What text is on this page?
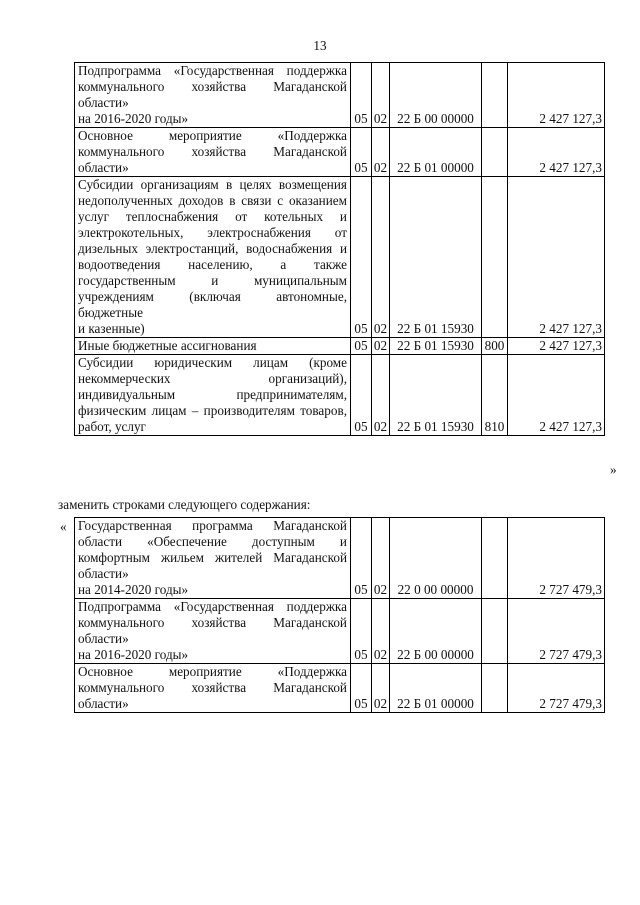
13
Подпрограмма «Государственная поддержка коммунального хозяйства Магаданской области»
на 2016-2020 годы»	05	02	22 Б 00 00000		2 427 127,3

Основное мероприятие «Поддержка коммунального хозяйства Магаданской области»	05	02	22 Б 01 00000		2 427 127,3

Субсидии организациям в целях возмещения недополученных доходов в связи с оказанием услуг теплоснабжения от котельных и электрокотельных, электроснабжения от дизельных электростанций, водоснабжения и водоотведения населению, а также государственным и муниципальным учреждениям (включая автономные, бюджетные
и казенные)	05	02	22 Б 01 15930		2 427 127,3

Иные бюджетные ассигнования	05	02	22 Б 01 15930	800	2 427 127,3

Субсидии юридическим лицам (кроме некоммерческих организаций), индивидуальным предпринимателям, физическим лицам – производителям товаров, работ, услуг	05	02	22 Б 01 15930	810	2 427 127,3
»
заменить строками следующего содержания:
« Государственная программа Магаданской области «Обеспечение доступным и комфортным жильем жителей Магаданской области»
на 2014-2020 годы»	05	02	22 0 00 00000		2 727 479,3

Подпрограмма «Государственная поддержка коммунального хозяйства Магаданской области»
на 2016-2020 годы»	05	02	22 Б 00 00000		2 727 479,3

Основное мероприятие «Поддержка коммунального хозяйства Магаданской области»	05	02	22 Б 01 00000		2 727 479,3
